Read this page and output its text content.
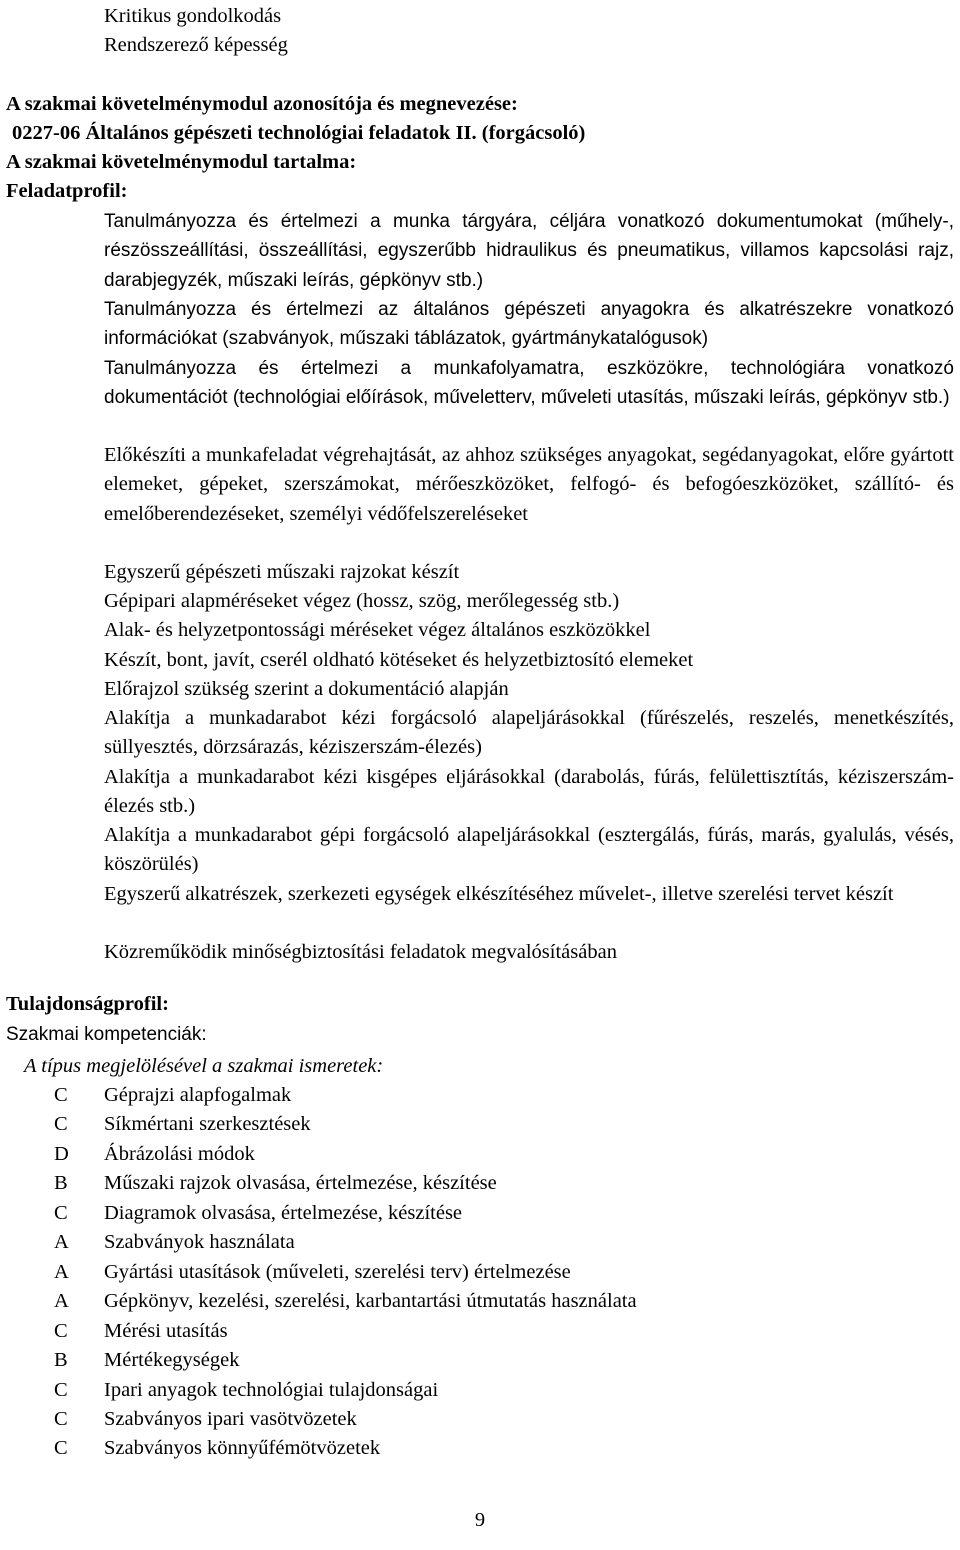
Kritikus gondolkodás
Rendszerező képesség
A szakmai követelménymodul azonosítója és megnevezése:
0227-06 Általános gépészeti technológiai feladatok II. (forgácsoló)
A szakmai követelménymodul tartalma:
Feladatprofil:
Tanulmányozza és értelmezi a munka tárgyára, céljára vonatkozó dokumentumokat (műhely-, részösszeállítási, összeállítási, egyszerűbb hidraulikus és pneumatikus, villamos kapcsolási rajz, darabjegyzék, műszaki leírás, gépkönyv stb.)
Tanulmányozza és értelmezi az általános gépészeti anyagokra és alkatrészekre vonatkozó információkat (szabványok, műszaki táblázatok, gyártmánykatalógusok)
Tanulmányozza és értelmezi a munkafolyamatra, eszközökre, technológiára vonatkozó dokumentációt (technológiai előírások, műveletterv, műveleti utasítás, műszaki leírás, gépkönyv stb.)
Előkészíti a munkafeladat végrehajtását, az ahhoz szükséges anyagokat, segédanyagokat, előre gyártott elemeket, gépeket, szerszámokat, mérőeszközöket, felfogó- és befogóeszközöket, szállító- és emelőberendezéseket, személyi védőfelszereléseket
Egyszerű gépészeti műszaki rajzokat készít
Gépipari alapméréseket végez (hossz, szög, merőlegesség stb.)
Alak- és helyzetpontossági méréseket végez általános eszközökkel
Készít, bont, javít, cserél oldható kötéseket és helyzetbiztosító elemeket
Előrajzol szükség szerint a dokumentáció alapján
Alakítja a munkadarabot kézi forgácsoló alapeljárásokkal (fűrészelés, reszelés, menetkészítés, süllyesztés, dörzsárazás, kéziszerszám-élezés)
Alakítja a munkadarabot kézi kisgépes eljárásokkal (darabolás, fúrás, felülettisztítás, kéziszerszám-élezés stb.)
Alakítja a munkadarabot gépi forgácsoló alapeljárásokkal (esztergálás, fúrás, marás, gyalulás, vésés, köszörülés)
Egyszerű alkatrészek, szerkezeti egységek elkészítéséhez művelet-, illetve szerelési tervet készít
Közreműködik minőségbiztosítási feladatok megvalósításában
Tulajdonságprofil:
Szakmai kompetenciák:
A típus megjelölésével a szakmai ismeretek:
C	Géprajzi alapfogalmak
C	Síkmértani szerkesztések
D	Ábrázolási módok
B	Műszaki rajzok olvasása, értelmezése, készítése
C	Diagramok olvasása, értelmezése, készítése
A	Szabványok használata
A	Gyártási utasítások (műveleti, szerelési terv) értelmezése
A	Gépkönyv, kezelési, szerelési, karbantartási útmutatás használata
C	Mérési utasítás
B	Mértékegységek
C	Ipari anyagok technológiai tulajdonságai
C	Szabványos ipari vasötvözetek
C	Szabványos könnyűfémötvözetek
9
